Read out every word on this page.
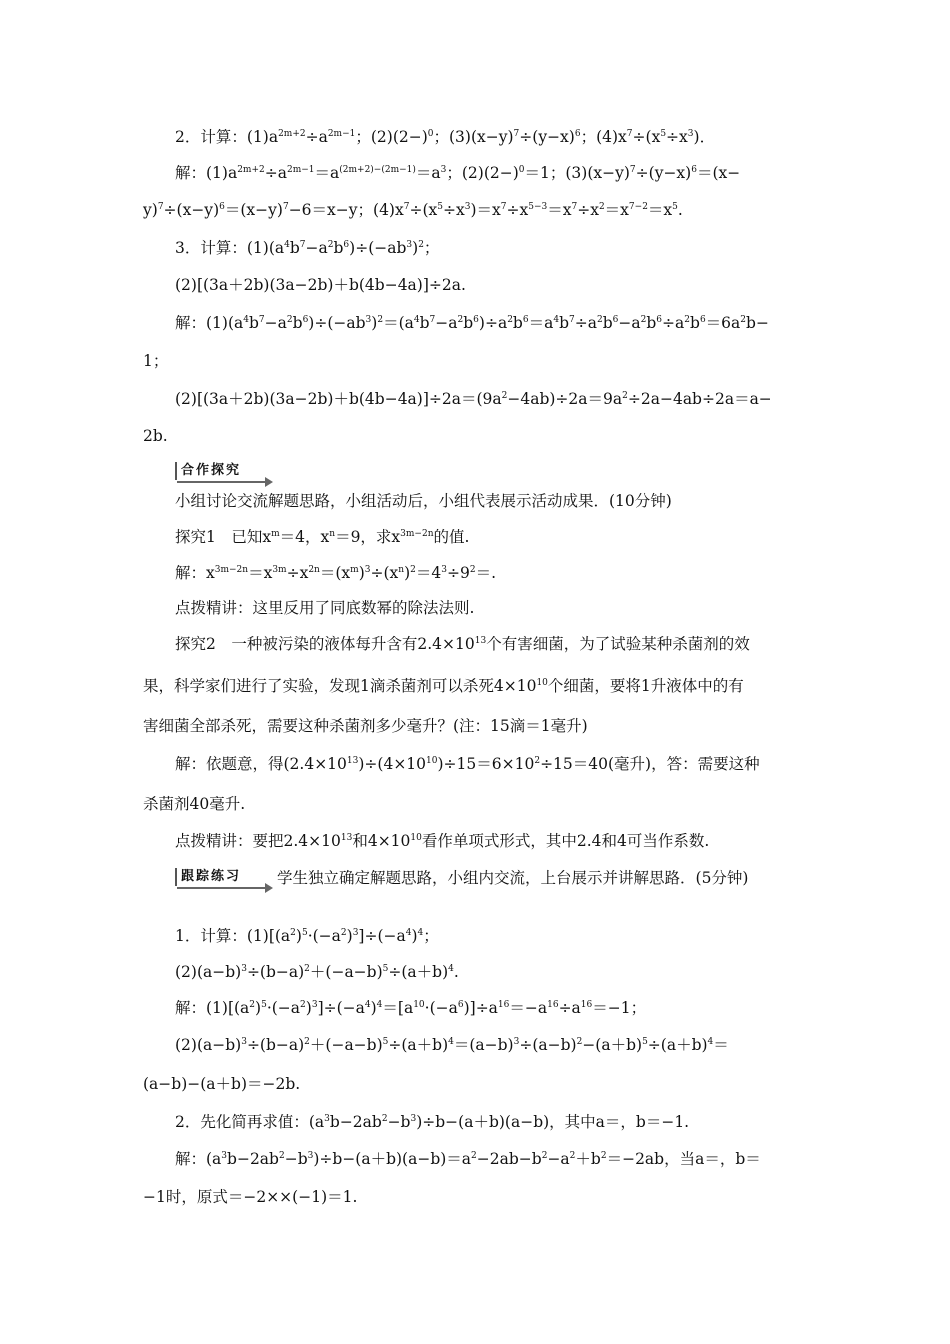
2．计算：$(1)a^{2m+2}\div a^{2m-1}$；$(2)(2-)^0$；$(3)(x-y)^7\div(y-x)^6$；$(4)x^7\div(x^5\div x^3)$．
解：$(1)a^{2m+2}\div a^{2m-1}=a^{(2m+2)-(2m-1)}=a^3$；$(2)(2-)^0=1$；$(3)(x-y)^7\div(y-x)^6=(x-$
$y)^7\div(x-y)^6=(x-y)^7-6=x-y$；$(4)x^7\div(x^5\div x^3)=x^7\div x^{5-3}=x^7\div x^2=x^{7-2}=x^5$.
3．计算：$(1)(a^4b^7-a^2b^6)\div(-ab^3)^2$；
(2)[(3a＋2b)(3a−2b)＋b(4b−4a)]÷2a.
解：$(1)(a^4b^7-a^2b^6)\div(-ab^3)^2=(a^4b^7-a^2b^6)\div a^2b^6=a^4b^7\div a^2b^6-a^2b^6\div a^2b^6=6a^2b-$
1；
$(2)[(3a+2b)(3a-2b)+b(4b-4a)]\div 2a=(9a^2-4ab)\div 2a=9a^2\div 2a-4ab\div 2a=a-$
2b.
合作探究
小组讨论交流解题思路，小组活动后，小组代表展示活动成果．(10分钟)
探究1　已知$x^m=4$，$x^n=9$，求$x^{3m-2n}$的值.
解：$x^{3m-2n}=x^{3m}\div x^{2n}=(x^m)^3\div(x^n)^2=4^3\div 9^2=$.
点拨精讲：这里反用了同底数幂的除法法则.
探究2　一种被污染的液体每升含有$2.4\times 10^{13}$个有害细菌，为了试验某种杀菌剂的效
果，科学家们进行了实验，发现1滴杀菌剂可以杀死$4\times 10^{10}$个细菌，要将1升液体中的有
害细菌全部杀死，需要这种杀菌剂多少毫升？(注：15滴＝1毫升)
解：依题意，得$(2.4\times 10^{13})\div(4\times 10^{10})\div 15=6\times 10^2\div 15=40$(毫升)，答：需要这种
杀菌剂40毫升.
点拨精讲：要把$2.4\times 10^{13}$和$4\times 10^{10}$看作单项式形式，其中2.4和4可当作系数.
跟踪练习	学生独立确定解题思路，小组内交流，上台展示并讲解思路．(5分钟)
1．计算：$(1)[(a^2)^5\cdot(-a^2)^3]\div(-a^4)^4$；
$(2)(a-b)^3\div(b-a)^2+(-a-b)^5\div(a+b)^4$.
解：$(1)[(a^2)^5\cdot(-a^2)^3]\div(-a^4)^4=[a^{10}\cdot(-a^6)]\div a^{16}=-a^{16}\div a^{16}=-1$；
$(2)(a-b)^3\div(b-a)^2+(-a-b)^5\div(a+b)^4=(a-b)^3\div(a-b)^2-(a+b)^5\div(a+b)^4=$
(a−b)−(a＋b)＝−2b.
2．先化简再求值：$(a^3b-2ab^2-b^3)\div b-(a+b)(a-b)$，其中a＝，b＝−1.
解：$(a^3b-2ab^2-b^3)\div b-(a+b)(a-b)=a^2-2ab-b^2-a^2+b^2=-2ab$，当a＝，b＝
−1时，原式＝−2××(−1)＝1.
